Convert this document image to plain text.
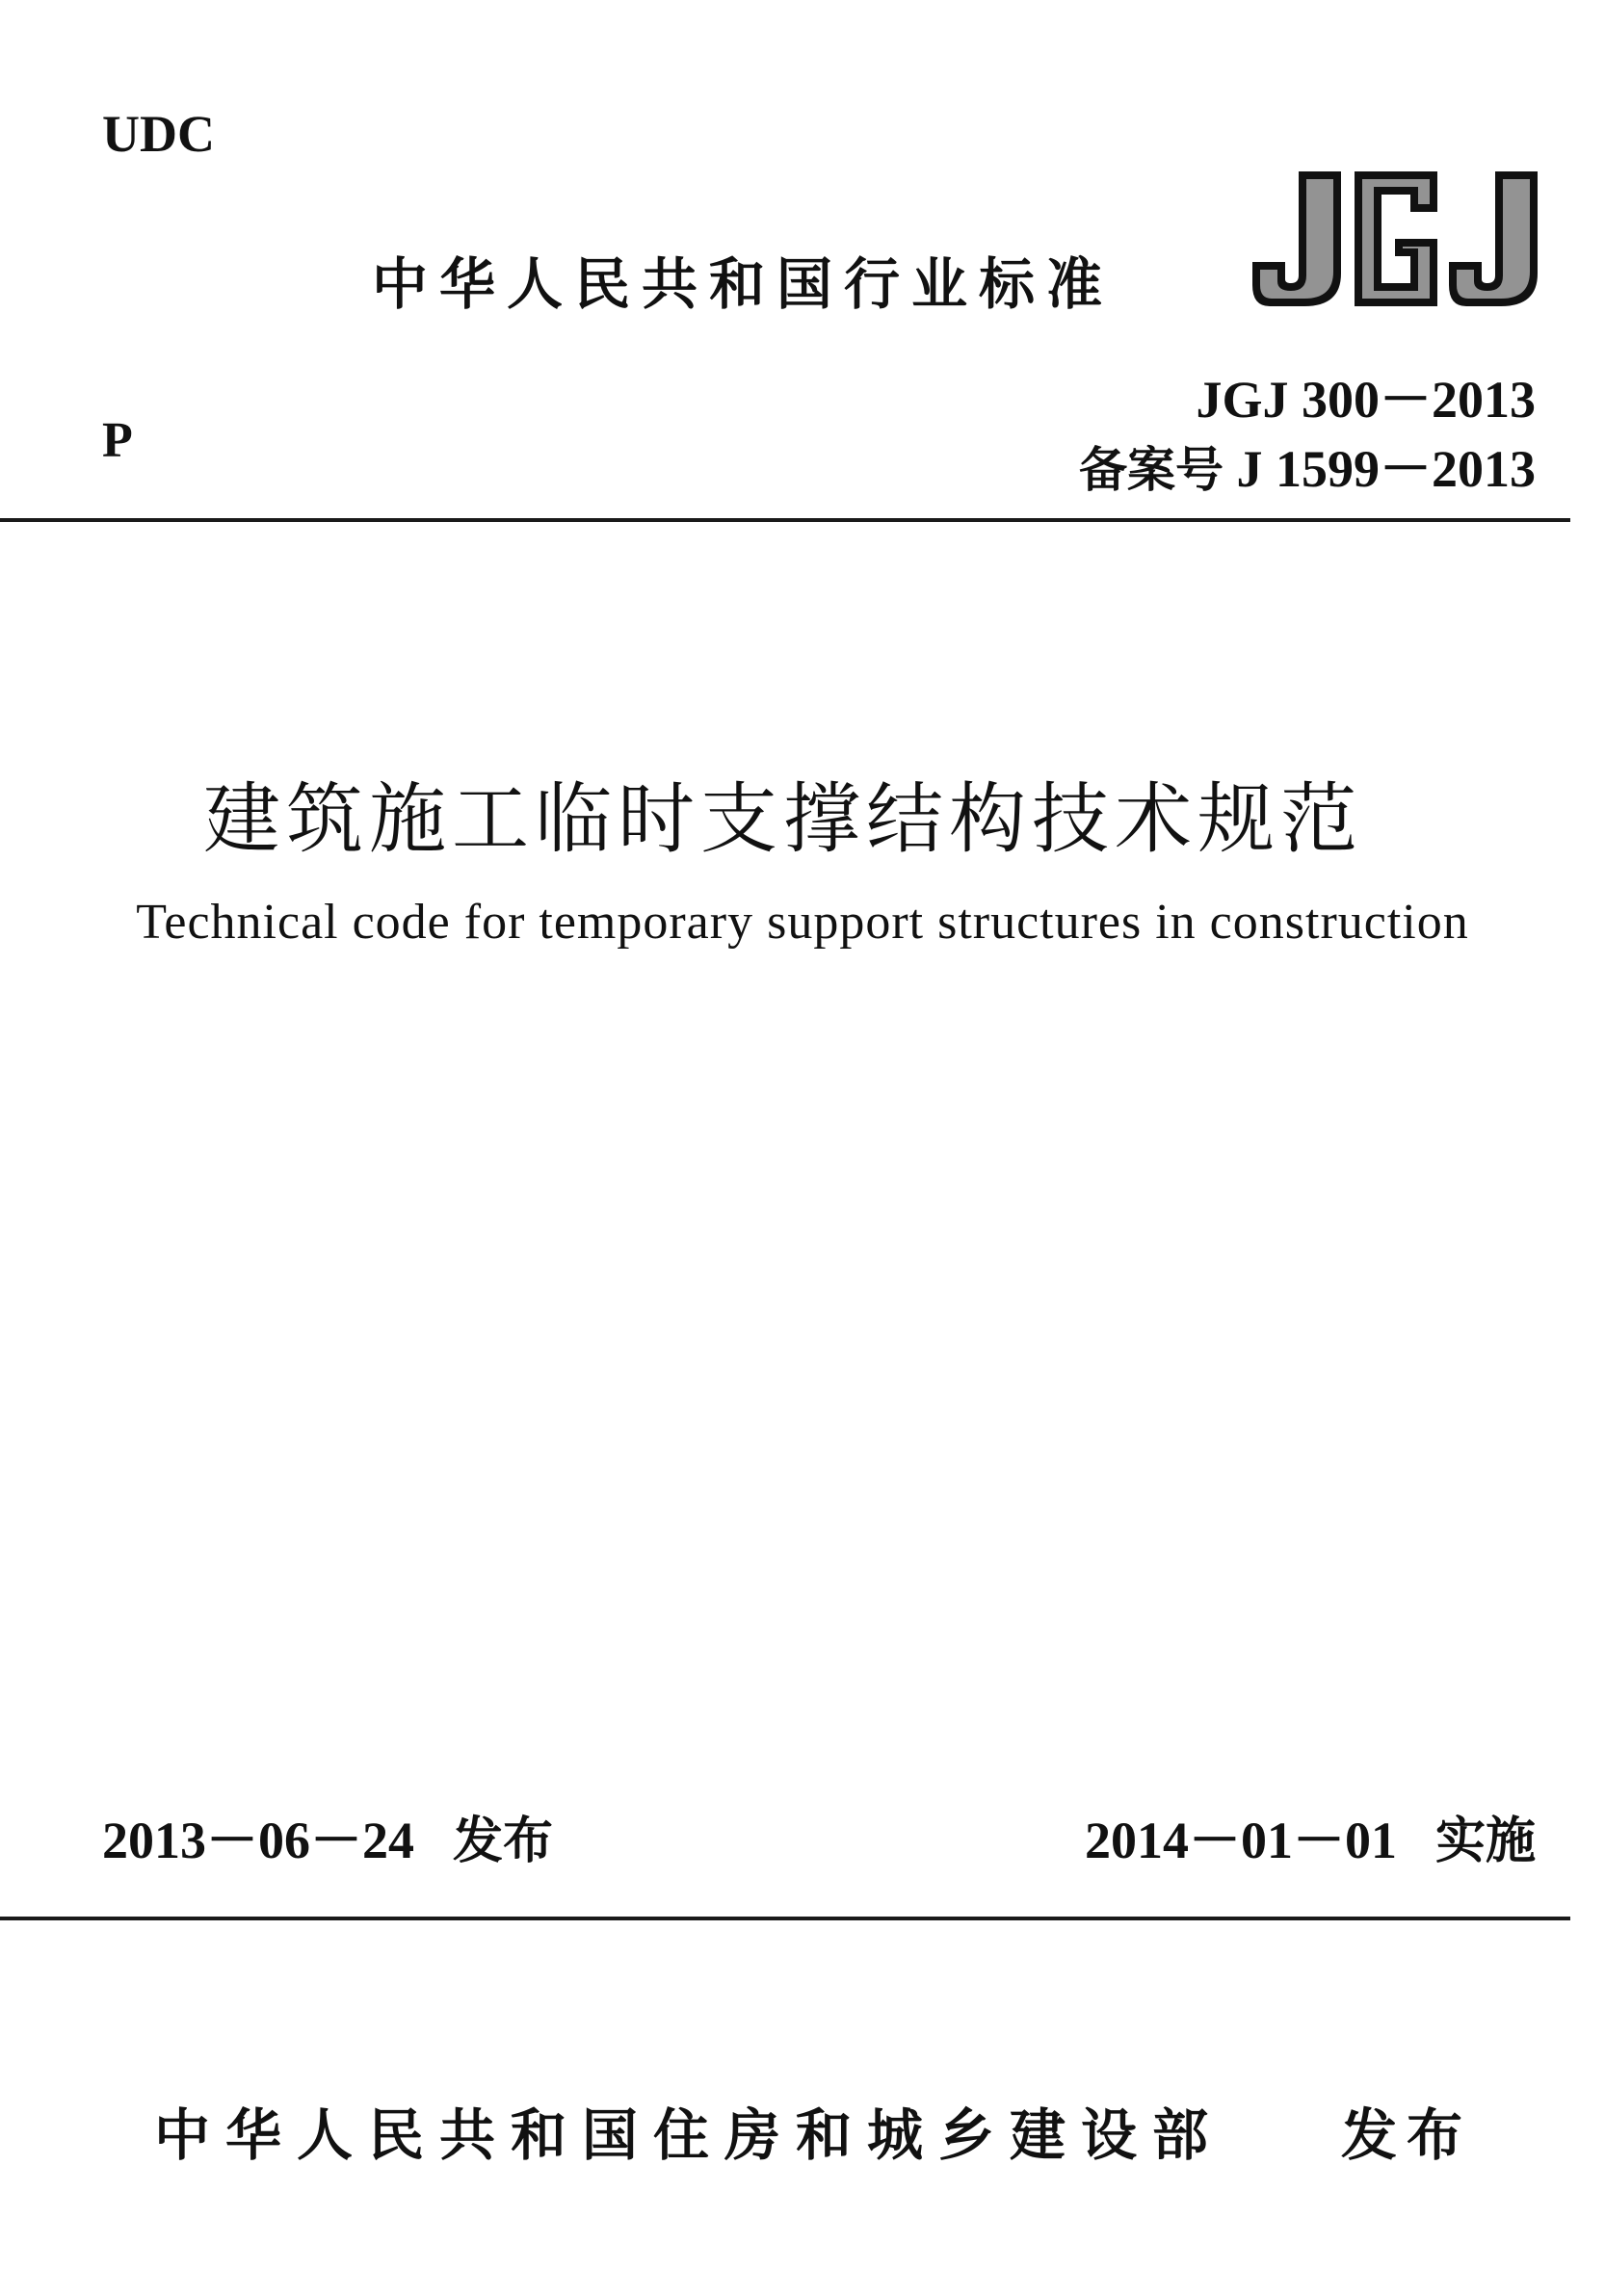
UDC
中华人民共和国行业标准	JGJ
JGJ 300－2013
P
备案号 J 1599－2013
建筑施工临时支撑结构技术规范
Technical code for temporary support structures in construction
2013－06－24 发布	2014－01－01 实施
中华人民共和国住房和城乡建设部 发布
